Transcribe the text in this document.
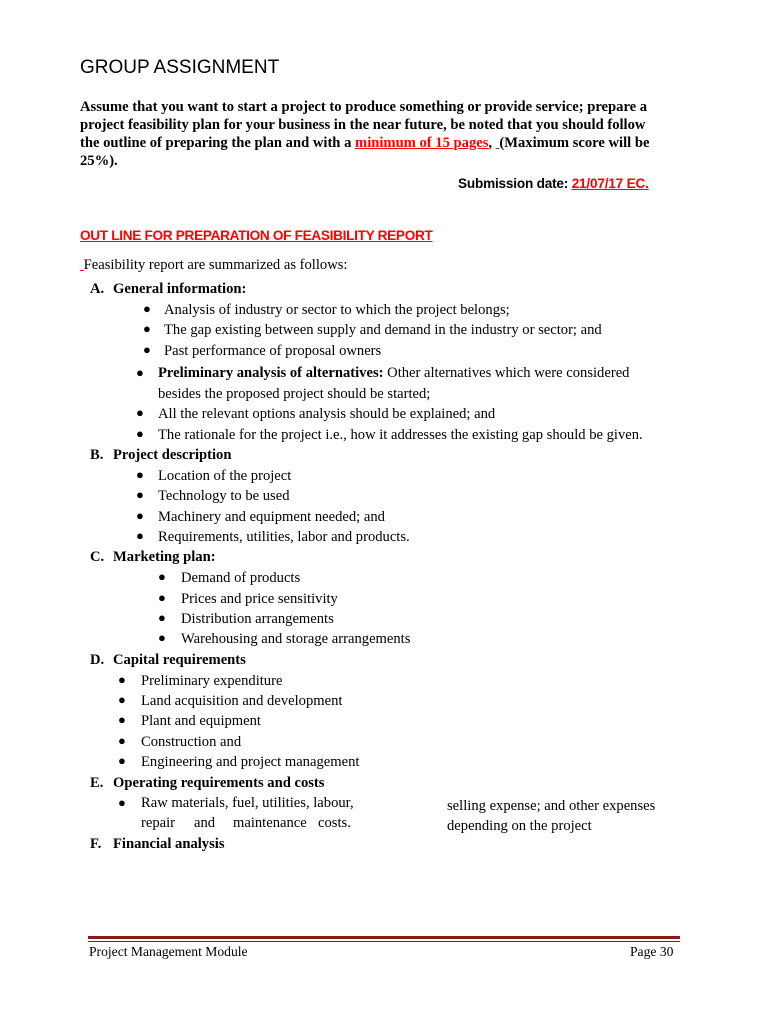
GROUP ASSIGNMENT
Assume that you want to start a project to produce something or provide service; prepare a
project feasibility plan for your business in the near future, be noted that you should follow
the outline of preparing the plan and with a minimum of 15 pages,  (Maximum score will be
25%).
Submission date: 21/07/17 EC.
OUT LINE FOR PREPARATION OF FEASIBILITY REPORT
Feasibility report are summarized as follows:
A. General information:
● Analysis of industry or sector to which the project belongs;
● The gap existing between supply and demand in the industry or sector; and
● Past performance of proposal owners
● Preliminary analysis of alternatives: Other alternatives which were considered
besides the proposed project should be started;
● All the relevant options analysis should be explained; and
● The rationale for the project i.e., how it addresses the existing gap should be given.
B. Project description
● Location of the project
● Technology to be used
● Machinery and equipment needed; and
● Requirements, utilities, labor and products.
C. Marketing plan:
● Demand of products
● Prices and price sensitivity
● Distribution arrangements
● Warehousing and storage arrangements
D. Capital requirements
● Preliminary expenditure
● Land acquisition and development
● Plant and equipment
● Construction and
● Engineering and project management
E. Operating requirements and costs
● Raw materials, fuel, utilities, labour,
repair and maintenance costs.
selling expense; and other expenses
depending on the project
F. Financial analysis
Project Management Module	Page 30
